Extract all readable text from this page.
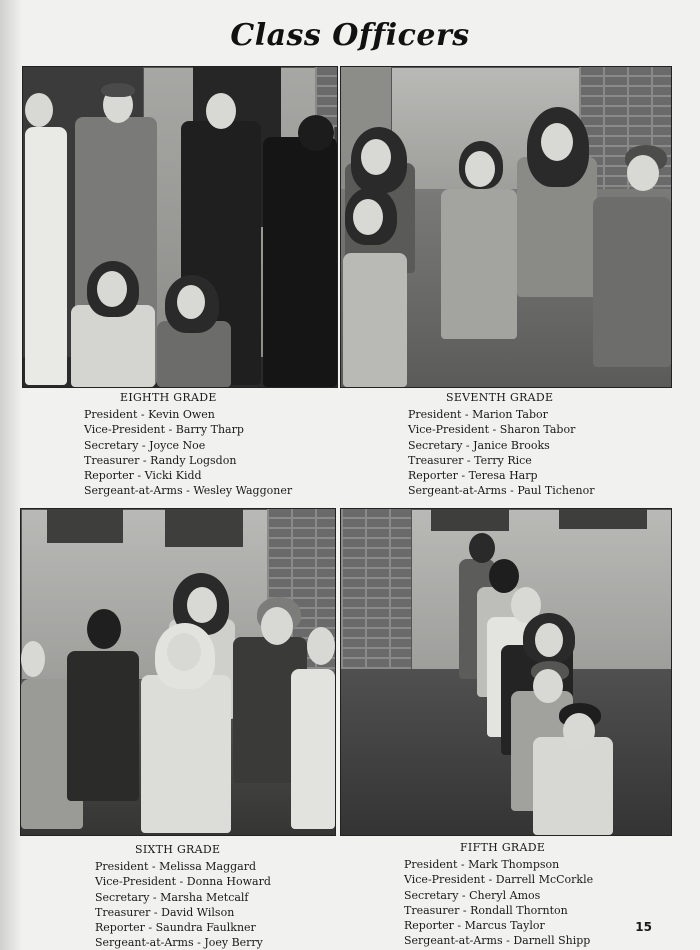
Class Officers
EIGHTH GRADE
President - Kevin Owen
Vice-President - Barry Tharp
Secretary - Joyce Noe
Treasurer - Randy Logsdon
Reporter - Vicki Kidd
Sergeant-at-Arms - Wesley Waggoner
SEVENTH GRADE
President - Marion Tabor
Vice-President - Sharon Tabor
Secretary - Janice Brooks
Treasurer - Terry Rice
Reporter - Teresa Harp
Sergeant-at-Arms - Paul Tichenor
SIXTH GRADE
President - Melissa Maggard
Vice-President - Donna Howard
Secretary - Marsha Metcalf
Treasurer - David Wilson
Reporter - Saundra Faulkner
Sergeant-at-Arms - Joey Berry
FIFTH GRADE
President - Mark Thompson
Vice-President - Darrell McCorkle
Secretary - Cheryl Amos
Treasurer - Rondall Thornton
Reporter - Marcus Taylor
Sergeant-at-Arms - Darnell Shipp
15
